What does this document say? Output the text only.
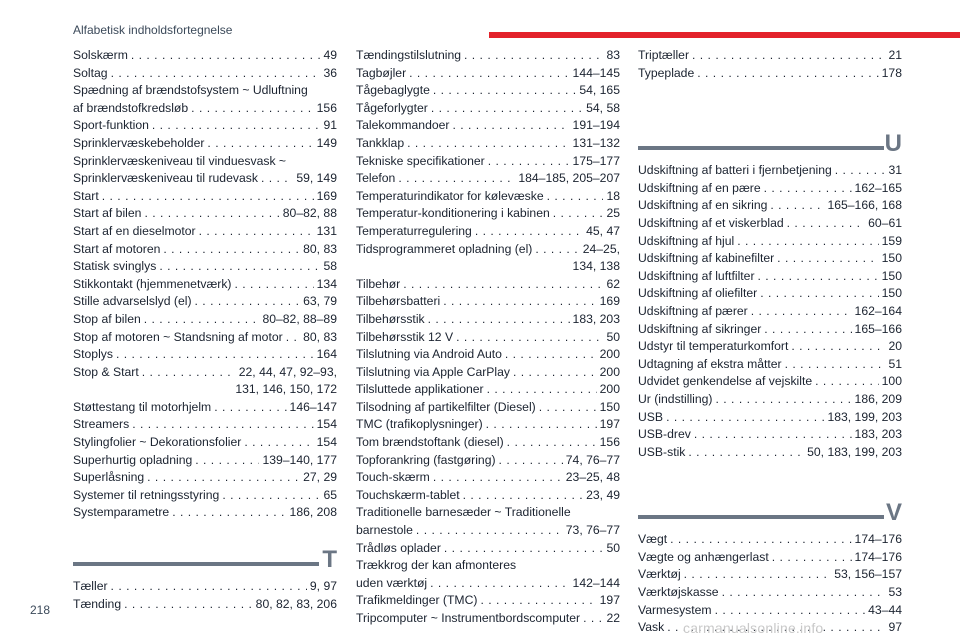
Alfabetisk indholdsfortegnelse
Solskærm . . .	49
Soltag . . .	36
Spædning af brændstofsystem ~ Udluftning
af brændstofkredsløb . . .	156
Sport-funktion . . .	91
Sprinklervæskebeholder . . .	149
Sprinklervæskeniveau til vinduesvask ~
Sprinklervæskeniveau til rudevask . . .	59, 149
Start . . .	169
Start af bilen . . .	80–82, 88
Start af en dieselmotor . . .	131
Start af motoren . . .	80, 83
Statisk svinglys . . .	58
Stikkontakt (hjemmenetværk) . . .	134
Stille advarselslyd (el) . . .	63, 79
Stop af bilen . . .	80–82, 88–89
Stop af motoren ~ Standsning af motor . . . 80, 83
Stoplys . . .	164
Stop & Start . . .	22, 44, 47, 92–93,
131, 146, 150, 172
Støttestang til motorhjelm . . .	146–147
Streamers . . .	154
Stylingfolier ~ Dekorationsfolier . . .	154
Superhurtig opladning . . .	139–140, 177
Superlåsning . . .	27, 29
Systemer til retningsstyring . . .	65
Systemparametre . . .	186, 208
T
Tæller . . .	9, 97
Tænding . . .	80, 82, 83, 206
Tændingstilslutning . . .	83
Tagbøjler . . .	144–145
Tågebaglygte . . .	54, 165
Tågeforlygter . . .	54, 58
Talekommandoer . . .	191–194
Tankklap . . .	131–132
Tekniske specifikationer . . .	175–177
Telefon . . .	184–185, 205–207
Temperaturindikator for kølevæske . . .	18
Temperatur-konditionering i kabinen . . .	25
Temperaturregulering . . .	45, 47
Tidsprogrammeret opladning (el) . . .	24–25,
134, 138
Tilbehør . . .	62
Tilbehørsbatteri . . .	169
Tilbehørsstik . . .	183, 203
Tilbehørsstik 12 V . . .	50
Tilslutning via Android Auto . . .	200
Tilslutning via Apple CarPlay . . .	200
Tilsluttede applikationer . . .	200
Tilsodning af partikelfilter (Diesel) . . .	150
TMC (trafikoplysninger) . . .	197
Tom brændstoftank (diesel) . . .	156
Topforankring (fastgøring) . . .	74, 76–77
Touch-skærm . . .	23–25, 48
Touchskærm-tablet . . .	23, 49
Traditionelle barnesæder ~ Traditionelle
barnestole . . .	73, 76–77
Trådløs oplader . . .	50
Trækkrog der kan afmonteres
uden værktøj . . .	142–144
Trafikmeldinger (TMC) . . .	197
Tripcomputer ~ Instrumentbordscomputer . . . 22
Triptæller . . .	21
Typeplade . . .	178
U
Udskiftning af batteri i fjernbetjening . . .	31
Udskiftning af en pære . . .	162–165
Udskiftning af en sikring . . .	165–166, 168
Udskiftning af et viskerblad . . .	60–61
Udskiftning af hjul . . .	159
Udskiftning af kabinefilter . . .	150
Udskiftning af luftfilter . . .	150
Udskiftning af oliefilter . . .	150
Udskiftning af pærer . . .	162–164
Udskiftning af sikringer . . .	165–166
Udstyr til temperaturkomfort . . .	20
Udtagning af ekstra måtter . . .	51
Udvidet genkendelse af vejskilte . . .	100
Ur (indstilling) . . .	186, 209
USB . . .	183, 199, 203
USB-drev . . .	183, 203
USB-stik . . .	50, 183, 199, 203
V
Vægt . . .	174–176
Vægte og anhængerlast . . .	174–176
Værktøj . . .	53, 156–157
Værktøjskasse . . .	53
Varmesystem . . .	43–44
Vask . . .	97
218
carmanualsonline.info
